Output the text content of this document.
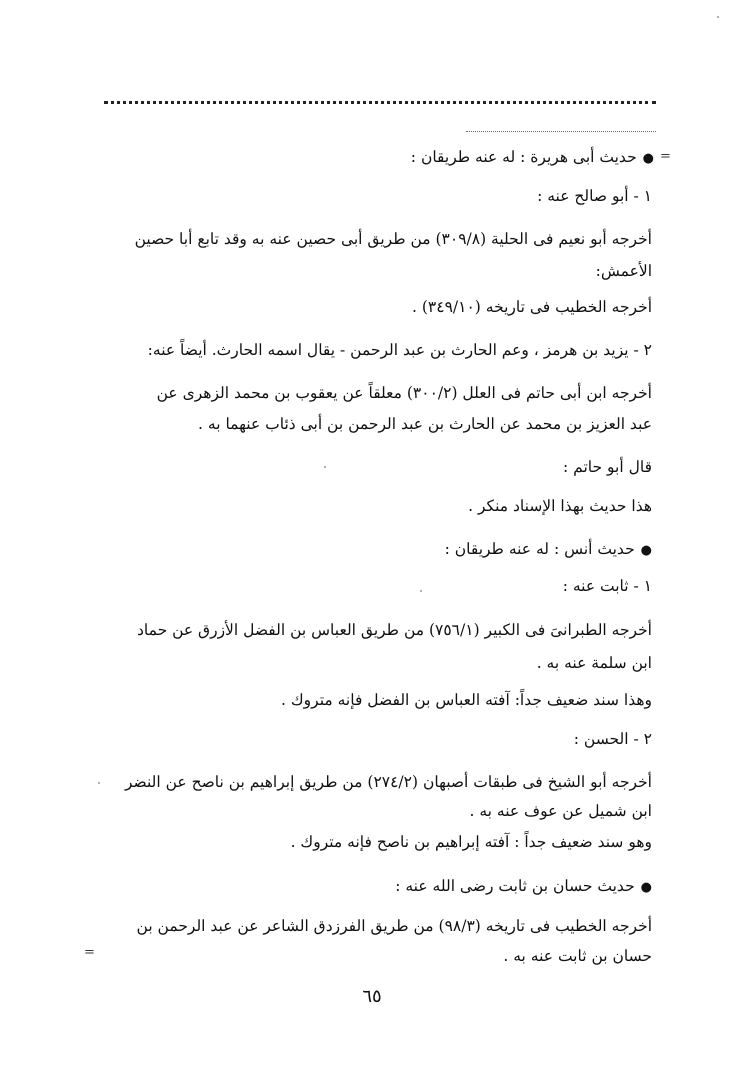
=
=
●حديث أبى هريرة : له عنه طريقان :
١ - أبو صالح عنه :
أخرجه أبو نعيم فى الحلية (٣٠٩/٨) من طريق أبى حصين عنه به وقد تابع أبا حصين
الأعمش:
أخرجه الخطيب فى تاريخه (٣٤٩/١٠) .
٢ - يزيد بن هرمز ، وعم الحارث بن عبد الرحمن - يقال اسمه الحارث. أيضاً عنه:
أخرجه ابن أبى حاتم فى العلل (٣٠٠/٢) معلقاً عن يعقوب بن محمد الزهرى عن
عبد العزيز بن محمد عن الحارث بن عبد الرحمن بن أبى ذئاب عنهما به .
قال أبو حاتم :
هذا حديث بهذا الإسناد منكر .
●حديث أنس : له عنه طريقان :
١ - ثابت عنه :
أخرجه الطبرانىَ فى الكبير (٧٥٦/١) من طريق العباس بن الفضل الأزرق عن حماد
ابن سلمة عنه به .
وهذا سند ضعيف جداً: آفته العباس بن الفضل فإنه متروك .
٢ - الحسن :
أخرجه أبو الشيخ فى طبقات أصبهان (٢٧٤/٢) من طريق إبراهيم بن ناصح عن النضر
ابن شميل عن عوف عنه به .
وهو سند ضعيف جداً : آفته إبراهيم بن ناصح فإنه متروك .
●حديث حسان بن ثابت رضى الله عنه :
أخرجه الخطيب فى تاريخه (٩٨/٣) من طريق الفرزدق الشاعر عن عبد الرحمن بن
حسان بن ثابت عنه به .
٦٥
